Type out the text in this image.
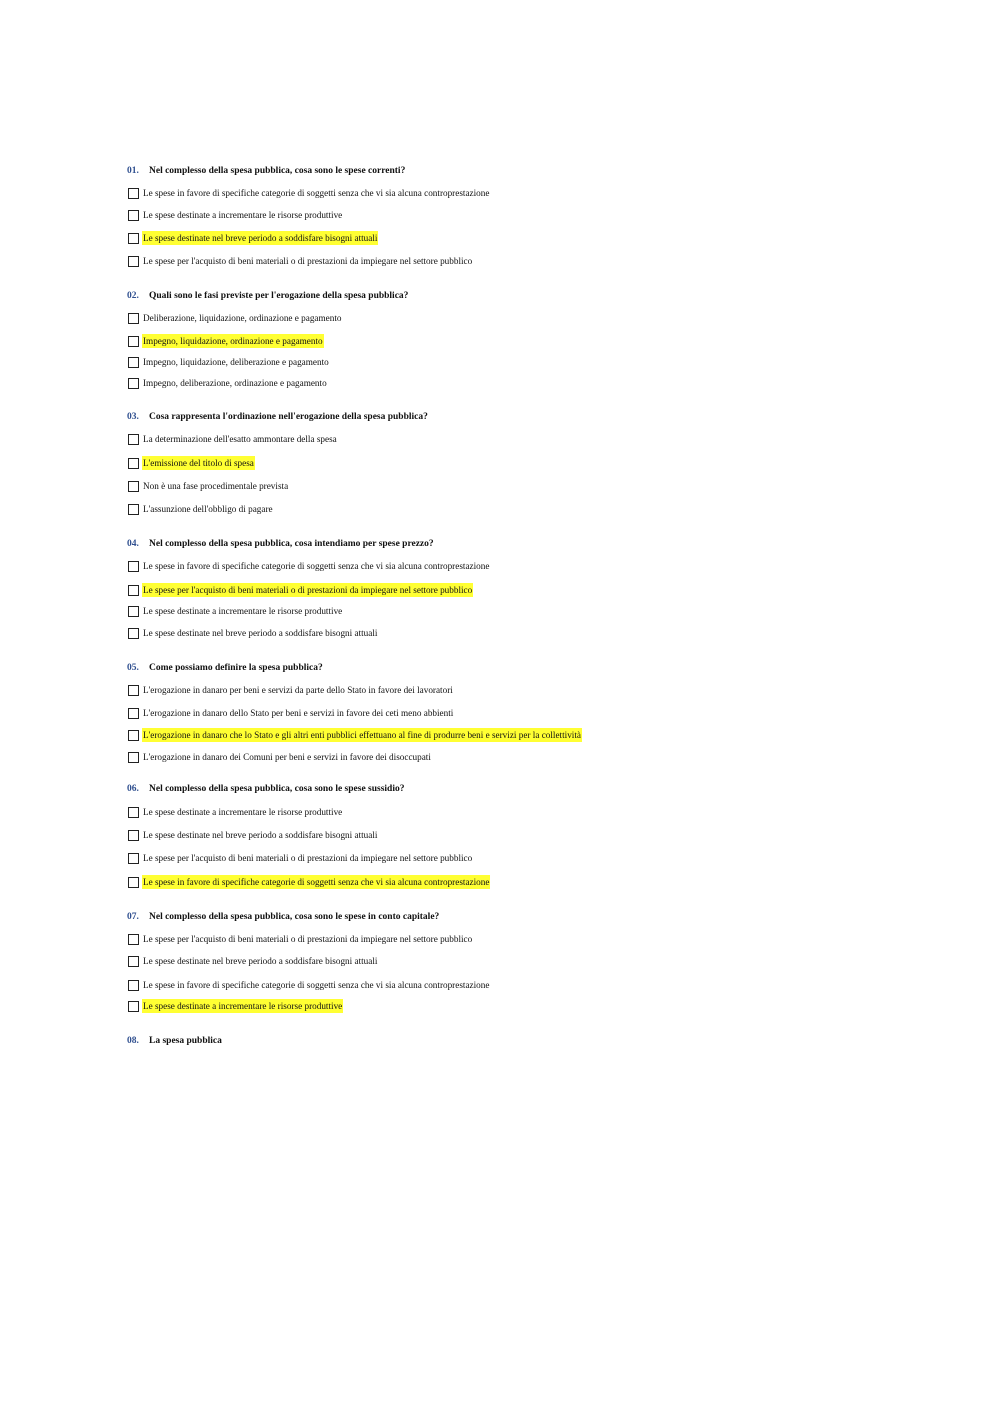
01. Nel complesso della spesa pubblica, cosa sono le spese correnti?
Le spese in favore di specifiche categorie di soggetti senza che vi sia alcuna controprestazione
Le spese destinate a incrementare le risorse produttive
Le spese destinate nel breve periodo a soddisfare bisogni attuali
Le spese per l'acquisto di beni materiali o di prestazioni da impiegare nel settore pubblico
02. Quali sono le fasi previste per l'erogazione della spesa pubblica?
Deliberazione, liquidazione, ordinazione e pagamento
Impegno, liquidazione, ordinazione e pagamento
Impegno, liquidazione, deliberazione e pagamento
Impegno, deliberazione, ordinazione e pagamento
03. Cosa rappresenta l'ordinazione nell'erogazione della spesa pubblica?
La determinazione dell'esatto ammontare della spesa
L'emissione del titolo di spesa
Non è una fase procedimentale prevista
L'assunzione dell'obbligo di pagare
04. Nel complesso della spesa pubblica, cosa intendiamo per spese prezzo?
Le spese in favore di specifiche categorie di soggetti senza che vi sia alcuna controprestazione
Le spese per l'acquisto di beni materiali o di prestazioni da impiegare nel settore pubblico
Le spese destinate a incrementare le risorse produttive
Le spese destinate nel breve periodo a soddisfare bisogni attuali
05. Come possiamo definire la spesa pubblica?
L'erogazione in danaro per beni e servizi da parte dello Stato in favore dei lavoratori
L'erogazione in danaro dello Stato per beni e servizi in favore dei ceti meno abbienti
L'erogazione in danaro che lo Stato e gli altri enti pubblici effettuano al fine di produrre beni e servizi per la collettività
L'erogazione in danaro dei Comuni per beni e servizi in favore dei disoccupati
06. Nel complesso della spesa pubblica, cosa sono le spese sussidio?
Le spese destinate a incrementare le risorse produttive
Le spese destinate nel breve periodo a soddisfare bisogni attuali
Le spese per l'acquisto di beni materiali o di prestazioni da impiegare nel settore pubblico
Le spese in favore di specifiche categorie di soggetti senza che vi sia alcuna controprestazione
07. Nel complesso della spesa pubblica, cosa sono le spese in conto capitale?
Le spese per l'acquisto di beni materiali o di prestazioni da impiegare nel settore pubblico
Le spese destinate nel breve periodo a soddisfare bisogni attuali
Le spese in favore di specifiche categorie di soggetti senza che vi sia alcuna controprestazione
Le spese destinate a incrementare le risorse produttive
08. La spesa pubblica
